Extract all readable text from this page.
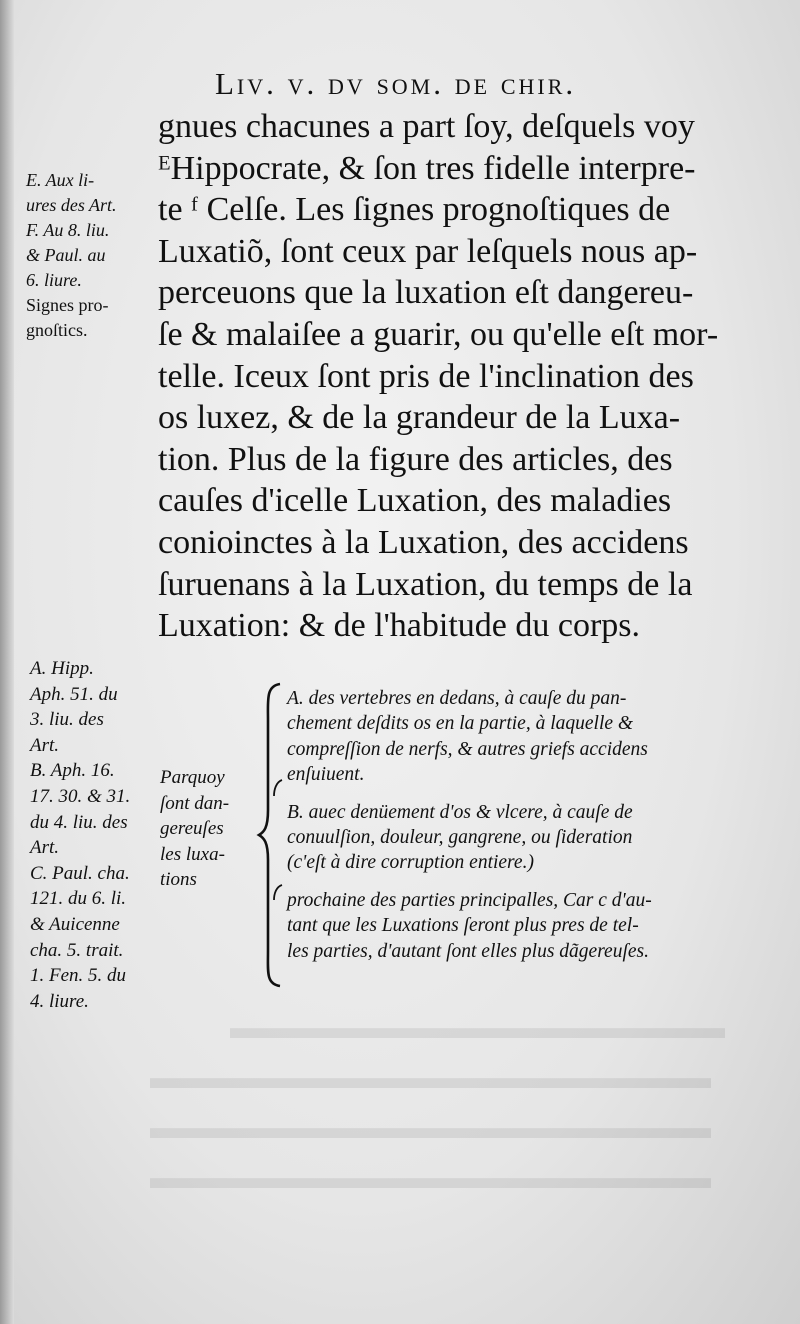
▬▬▬▬▬▬▬▬▬▬▬▬▬▬▬
▬▬▬▬▬▬▬▬▬▬▬▬▬▬▬▬▬
▬▬▬▬▬▬▬▬▬▬▬▬▬▬▬▬▬
▬▬▬▬▬▬▬▬▬▬▬▬▬▬▬▬▬
Liv. v. dv som. de chir.
gnues chacunes a part ſoy, deſquels voy
ᴱHippocrate, & ſon tres fidelle interpre-
te ᶠ Celſe. Les ſignes prognoſtiques de
Luxatiõ, ſont ceux par leſquels nous ap-
perceuons que la luxation eſt dangereu-
ſe & malaiſee a guarir, ou qu'elle eſt mor-
telle. Iceux ſont pris de l'inclination des
os luxez, & de la grandeur de la Luxa-
tion. Plus de la figure des articles, des
cauſes d'icelle Luxation, des maladies
conioinctes à la Luxation, des accidens
ſuruenans à la Luxation, du temps de la
Luxation: & de l'habitude du corps.
E. Aux li-
ures des Art.
F. Au 8. liu.
& Paul. au
6. liure.
Signes pro-
gnoſtics.
A. Hipp.
Aph. 51. du
3. liu. des
Art.
B. Aph. 16.
17. 30. & 31.
du 4. liu. des
Art.
C. Paul. cha.
121. du 6. li.
& Auicenne
cha. 5. trait.
1. Fen. 5. du
4. liure.
Parquoy
ſont dan-
gereuſes
les luxa-
tions
A. des vertebres en dedans, à cauſe du pan-
chement deſdits os en la partie, à laquelle &
compreſſion de nerfs, & autres griefs accidens
enſuiuent.
B. auec denüement d'os & vlcere, à cauſe de
conuulſion, douleur, gangrene, ou ſideration
(c'eſt à dire corruption entiere.)
prochaine des parties principalles, Car c d'au-
tant que les Luxations ſeront plus pres de tel-
les parties, d'autant ſont elles plus dãgereuſes.
